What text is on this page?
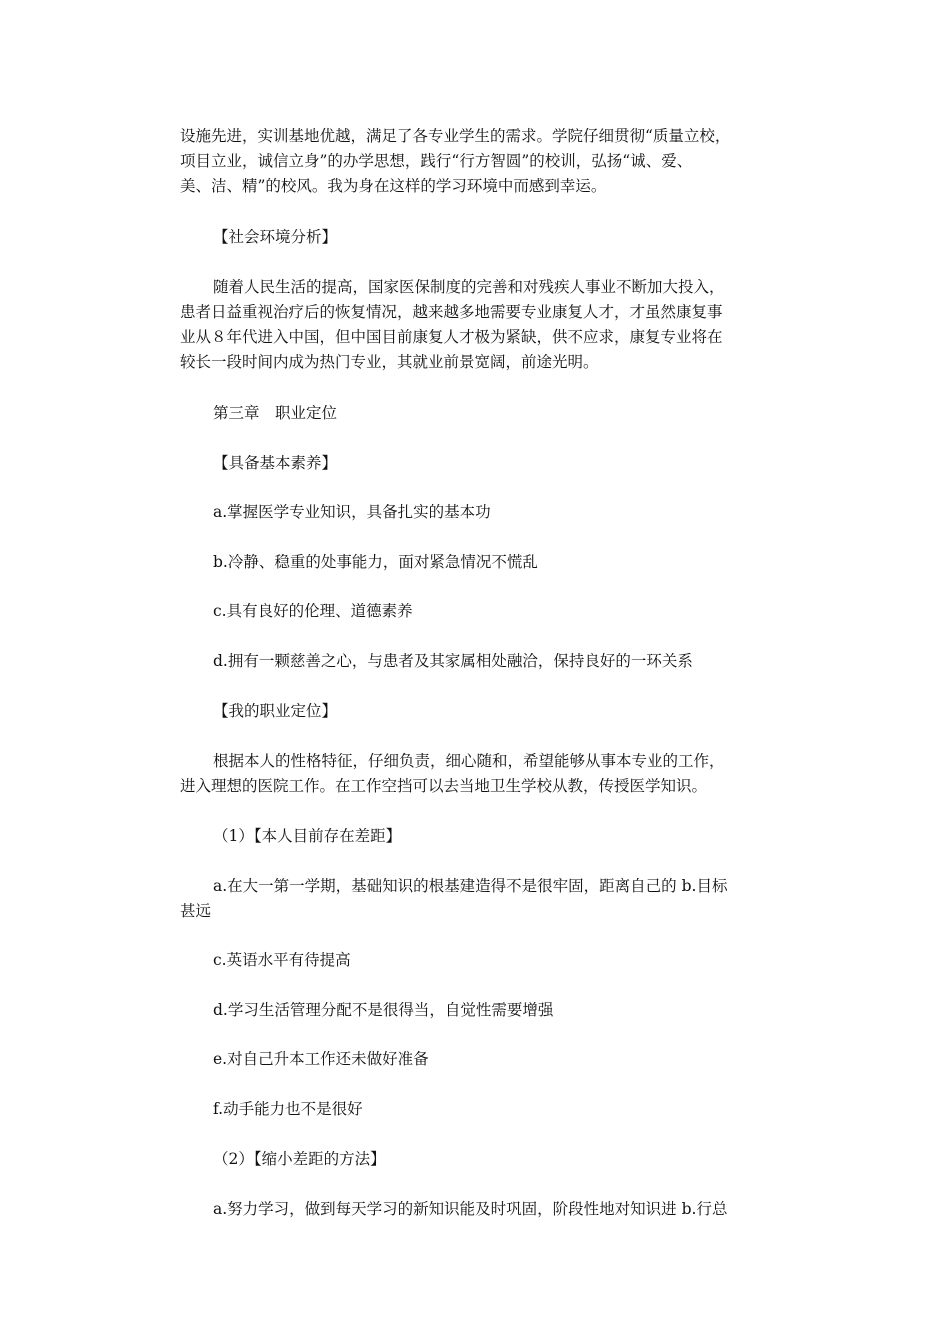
设施先进，实训基地优越，满足了各专业学生的需求。学院仔细贯彻“质量立校，
项目立业，诚信立身”的办学思想，践行“行方智圆”的校训，弘扬“诚、爱、
美、洁、精”的校风。我为身在这样的学习环境中而感到幸运。
【社会环境分析】
随着人民生活的提高，国家医保制度的完善和对残疾人事业不断加大投入，
患者日益重视治疗后的恢复情况，越来越多地需要专业康复人才，才虽然康复事
业从８年代进入中国，但中国目前康复人才极为紧缺，供不应求，康复专业将在
较长一段时间内成为热门专业，其就业前景宽阔，前途光明。
第三章　职业定位
【具备基本素养】
a.掌握医学专业知识，具备扎实的基本功
b.冷静、稳重的处事能力，面对紧急情况不慌乱
c.具有良好的伦理、道德素养
d.拥有一颗慈善之心，与患者及其家属相处融洽，保持良好的一环关系
【我的职业定位】
根据本人的性格特征，仔细负责，细心随和，希望能够从事本专业的工作，
进入理想的医院工作。在工作空挡可以去当地卫生学校从教，传授医学知识。
（1）【本人目前存在差距】
a.在大一第一学期，基础知识的根基建造得不是很牢固，距离自己的 b.目标
甚远
c.英语水平有待提高
d.学习生活管理分配不是很得当，自觉性需要增强
e.对自己升本工作还未做好准备
f.动手能力也不是很好
（2）【缩小差距的方法】
a.努力学习，做到每天学习的新知识能及时巩固，阶段性地对知识进 b.行总
